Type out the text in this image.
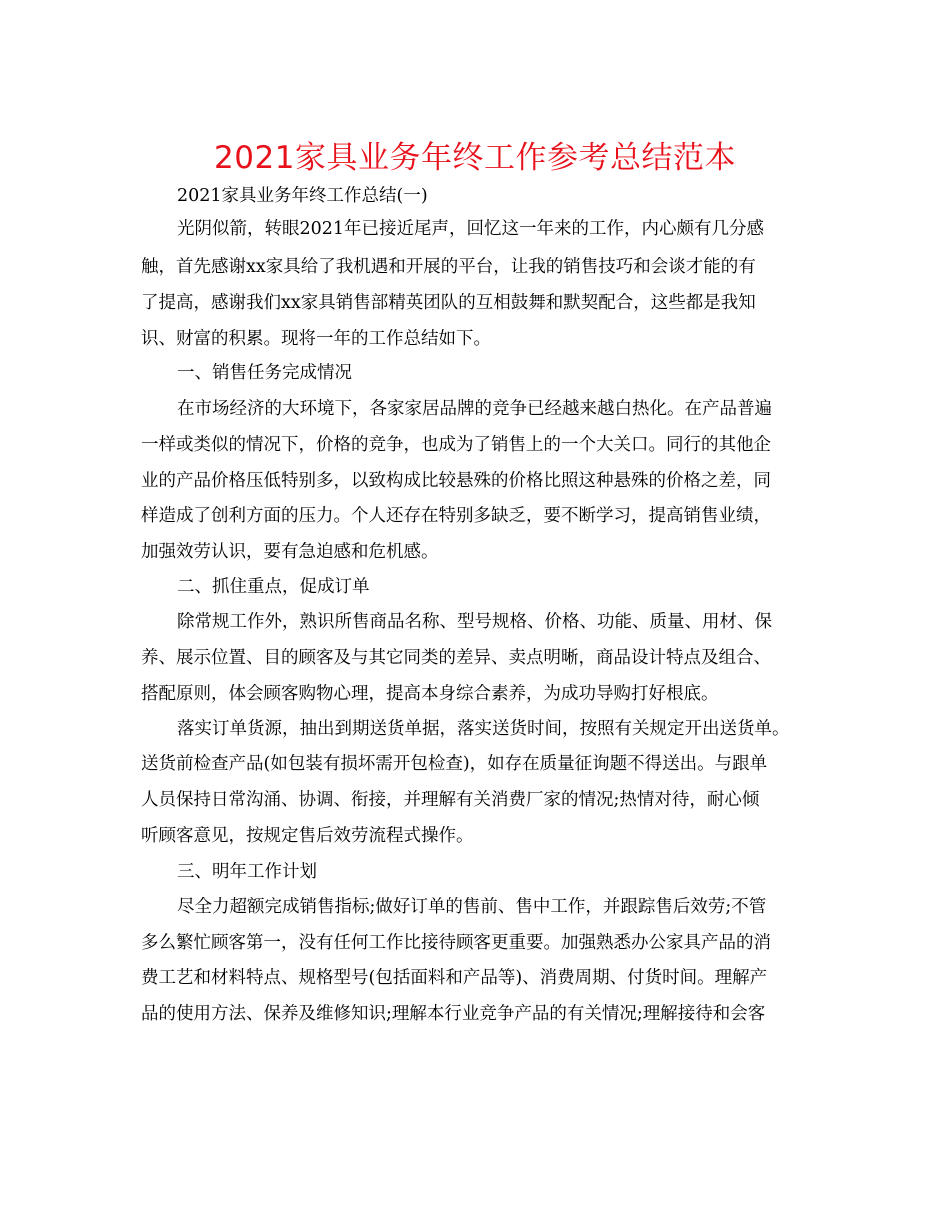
2021家具业务年终工作参考总结范本

2021家具业务年终工作总结(一)

光阴似箭，转眼2021年已接近尾声，回忆这一年来的工作，内心颇有几分感

触，首先感谢xx家具给了我机遇和开展的平台，让我的销售技巧和会谈才能的有

了提高，感谢我们xx家具销售部精英团队的互相鼓舞和默契配合，这些都是我知

识、财富的积累。现将一年的工作总结如下。

一、销售任务完成情况

在市场经济的大环境下，各家家居品牌的竞争已经越来越白热化。在产品普遍

一样或类似的情况下，价格的竞争，也成为了销售上的一个大关口。同行的其他企

业的产品价格压低特别多，以致构成比较悬殊的价格比照这种悬殊的价格之差，同

样造成了创利方面的压力。个人还存在特别多缺乏，要不断学习，提高销售业绩，

加强效劳认识，要有急迫感和危机感。

二、抓住重点，促成订单

除常规工作外，熟识所售商品名称、型号规格、价格、功能、质量、用材、保

养、展示位置、目的顾客及与其它同类的差异、卖点明晰，商品设计特点及组合、

搭配原则，体会顾客购物心理，提高本身综合素养，为成功导购打好根底。

落实订单货源，抽出到期送货单据，落实送货时间，按照有关规定开出送货单。

送货前检查产品(如包装有损坏需开包检查)，如存在质量征询题不得送出。与跟单

人员保持日常沟涌、协调、衔接，并理解有关消费厂家的情况;热情对待，耐心倾

听顾客意见，按规定售后效劳流程式操作。

三、明年工作计划

尽全力超额完成销售指标;做好订单的售前、售中工作，并跟踪售后效劳;不管

多么繁忙顾客第一，没有任何工作比接待顾客更重要。加强熟悉办公家具产品的消

费工艺和材料特点、规格型号(包括面料和产品等)、消费周期、付货时间。理解产

品的使用方法、保养及维修知识;理解本行业竞争产品的有关情况;理解接待和会客
